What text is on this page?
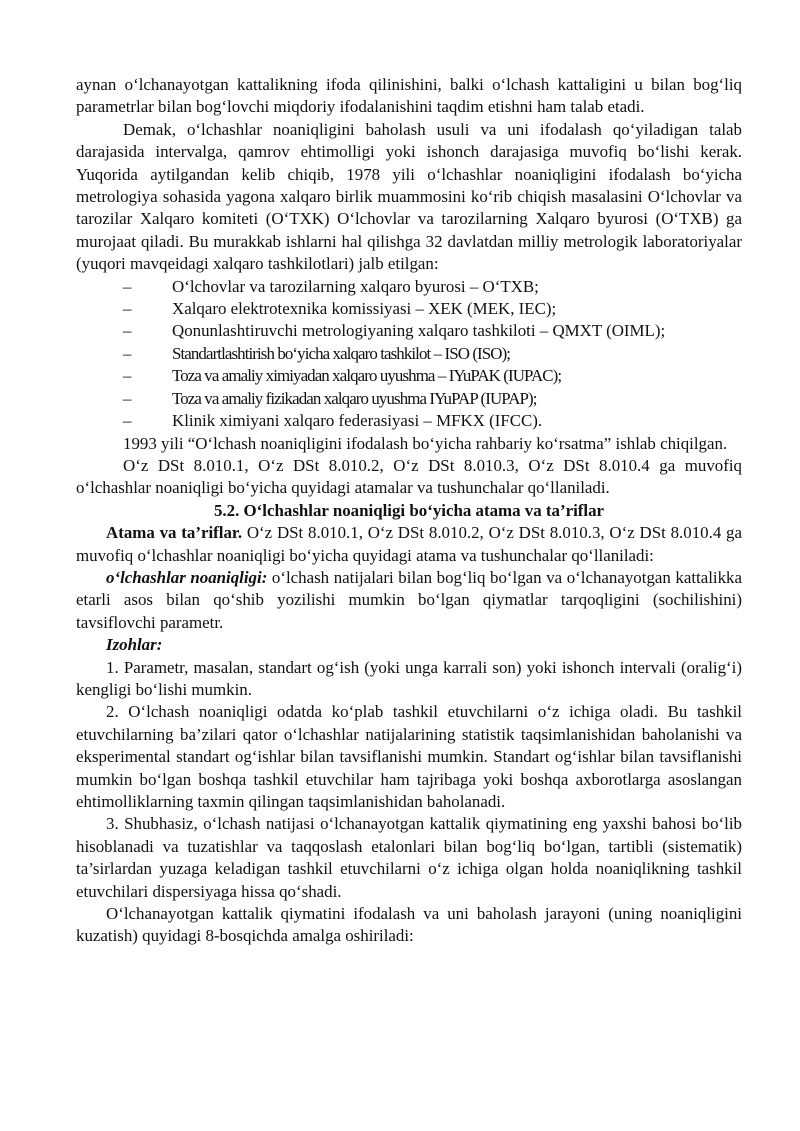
aynan o‘lchanayotgan kattalikning ifoda qilinishini, balki o‘lchash kattaligini u bilan bog‘liq parametrlar bilan bog‘lovchi miqdoriy ifodalanishini taqdim etishni ham talab etadi.

Demak, o‘lchashlar noaniqligini baholash usuli va uni ifodalash qo‘yiladigan talab darajasida intervalga, qamrov ehtimolligi yoki ishonch darajasiga muvofiq bo‘lishi kerak. Yuqorida aytilgandan kelib chiqib, 1978 yili o‘lchashlar noaniqligini ifodalash bo‘yicha metrologiya sohasida yagona xalqaro birlik muammosini ko‘rib chiqish masalasini O‘lchovlar va tarozilar Xalqaro komiteti (O‘TXK) O‘lchovlar va tarozilarning Xalqaro byurosi (O‘TXB) ga murojaat qiladi. Bu murakkab ishlarni hal qilishga 32 davlatdan milliy metrologik laboratoriyalar (yuqori mavqeidagi xalqaro tashkilotlari) jalb etilgan:

–	O‘lchovlar va tarozilarning xalqaro byurosi – O‘TXB;
–	Xalqaro elektrotexnika komissiyasi – XEK (MEK, IEC);
–	Qonunlashtiruvchi metrologiyaning xalqaro tashkiloti – QMXT (OIML);
–	Standartlashtirish bo‘yicha xalqaro tashkilot – ISO (ISO);
–	Toza va amaliy ximiyadan xalqaro uyushma – IYuPAK (IUPAC);
–	Toza va amaliy fizikadan xalqaro uyushma IYuPAP (IUPAP);
–	Klinik ximiyani xalqaro federasiyasi – MFKX (IFCC).

1993 yili “O‘lchash noaniqligini ifodalash bo‘yicha rahbariy ko‘rsatma” ishlab chiqilgan.

O‘z DSt 8.010.1, O‘z DSt 8.010.2, O‘z DSt 8.010.3, O‘z DSt 8.010.4 ga muvofiq o‘lchashlar noaniqligi bo‘yicha quyidagi atamalar va tushunchalar qo‘llaniladi.

5.2. O‘lchashlar noaniqligi bo‘yicha atama va ta’riflar

Atama va ta’riflar. O‘z DSt 8.010.1, O‘z DSt 8.010.2, O‘z DSt 8.010.3, O‘z DSt 8.010.4 ga muvofiq o‘lchashlar noaniqligi bo‘yicha quyidagi atama va tushunchalar qo‘llaniladi:

o‘lchashlar noaniqligi: o‘lchash natijalari bilan bog‘liq bo‘lgan va o‘lchanayotgan kattalikka etarli asos bilan qo‘shib yozilishi mumkin bo‘lgan qiymatlar tarqoqligini (sochilishini) tavsiflovchi parametr.

Izohlar:

1. Parametr, masalan, standart og‘ish (yoki unga karrali son) yoki ishonch intervali (oralig‘i) kengligi bo‘lishi mumkin.

2. O‘lchash noaniqligi odatda ko‘plab tashkil etuvchilarni o‘z ichiga oladi. Bu tashkil etuvchilarning ba’zilari qator o‘lchashlar natijalarining statistik taqsimlanishidan baholanishi va eksperimental standart og‘ishlar bilan tavsiflanishi mumkin. Standart og‘ishlar bilan tavsiflanishi mumkin bo‘lgan boshqa tashkil etuvchilar ham tajribaga yoki boshqa axborotlarga asoslangan ehtimolliklarning taxmin qilingan taqsimlanishidan baholanadi.

3. Shubhasiz, o‘lchash natijasi o‘lchanayotgan kattalik qiymatining eng yaxshi bahosi bo‘lib hisoblanadi va tuzatishlar va taqqoslash etalonlari bilan bog‘liq bo‘lgan, tartibli (sistematik) ta’sirlardan yuzaga keladigan tashkil etuvchilarni o‘z ichiga olgan holda noaniqlikning tashkil etuvchilari dispersiyaga hissa qo‘shadi.

O‘lchanayotgan kattalik qiymatini ifodalash va uni baholash jarayoni (uning noaniqligini kuzatish) quyidagi 8-bosqichda amalga oshiriladi:
